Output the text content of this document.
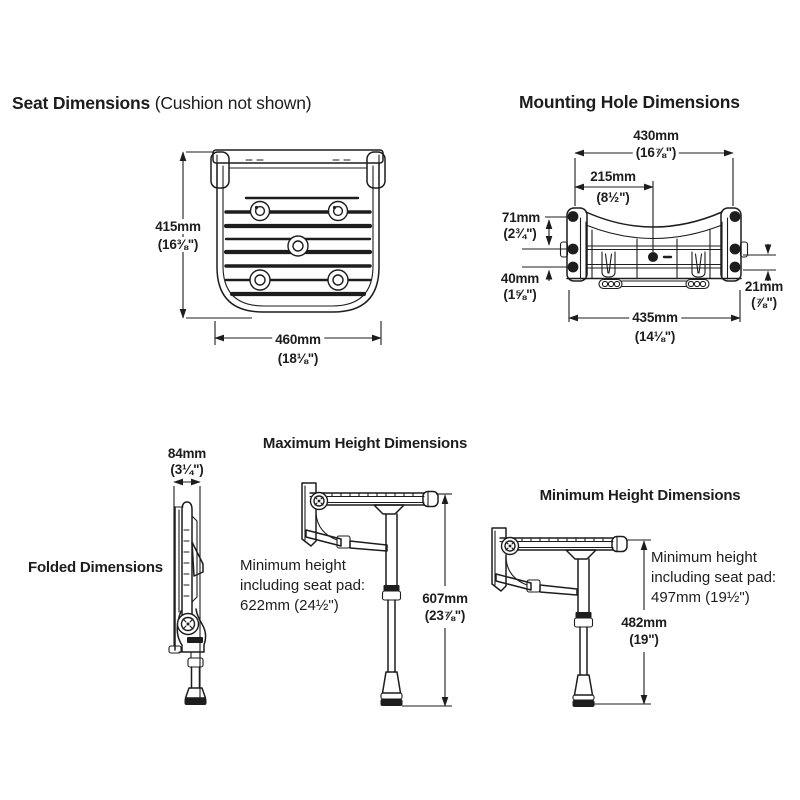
Seat Dimensions (Cushion not shown)	Mounting Hole Dimensions
415mm
(16⅜")
460mm
(18⅛")
430mm
(16⅞")
215mm
(8½")
71mm
(2¾")
40mm
(1⅝")
435mm
(14⅛")
21mm
(⅞")
Folded Dimensions
84mm
(3¼")
Maximum Height Dimensions
Minimum height
including seat pad:
622mm (24½")	607mm
(23⅞")
Minimum Height Dimensions
Minimum height
including seat pad:
497mm (19½")
482mm
(19")
